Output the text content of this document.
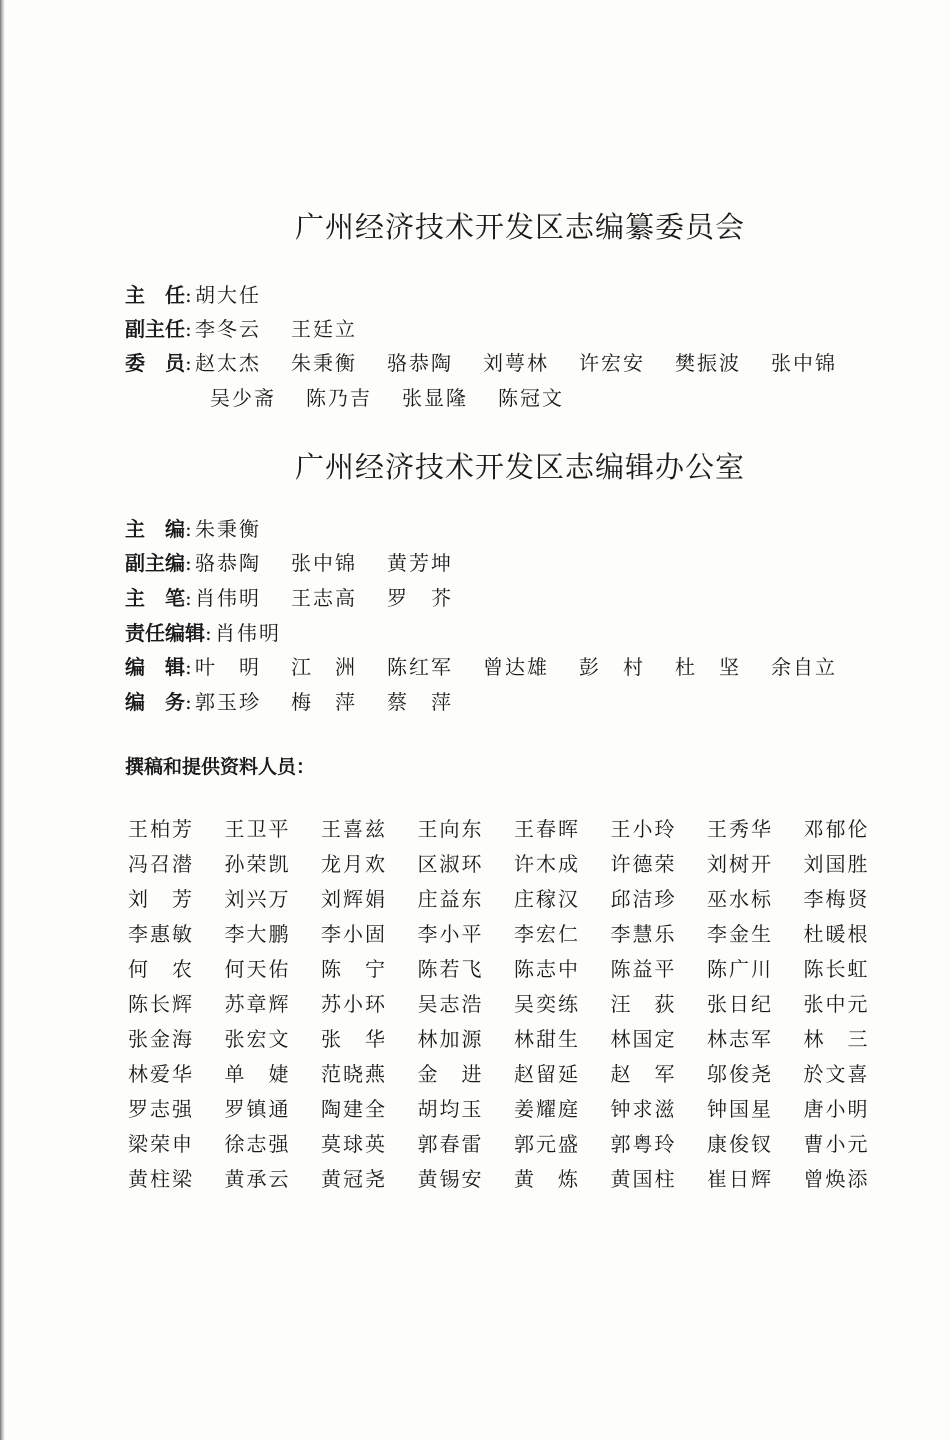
广州经济技术开发区志编纂委员会
主　任: 胡大任
副主任: 李冬云 王廷立
委　员: 赵太杰 朱秉衡 骆恭陶 刘萼林 许宏安 樊振波 张中锦
吴少斋 陈乃吉 张显隆 陈冠文
广州经济技术开发区志编辑办公室
主　编: 朱秉衡
副主编: 骆恭陶 张中锦 黄芳坤
主　笔: 肖伟明 王志高 罗　芥
责任编辑: 肖伟明
编　辑: 叶　明 江　洲 陈红军 曾达雄 彭　村 杜　坚 余自立
编　务: 郭玉珍 梅　萍 蔡　萍
撰稿和提供资料人员：
王柏芳 王卫平 王喜兹 王向东 王春晖 王小玲 王秀华 邓郁伦
冯召潜 孙荣凯 龙月欢 区淑环 许木成 许德荣 刘树开 刘国胜
刘　芳 刘兴万 刘辉娟 庄益东 庄稼汉 邱洁珍 巫水标 李梅贤
李惠敏 李大鹏 李小固 李小平 李宏仁 李慧乐 李金生 杜暖根
何　农 何天佑 陈　宁 陈若飞 陈志中 陈益平 陈广川 陈长虹
陈长辉 苏章辉 苏小环 吴志浩 吴奕练 汪　荻 张日纪 张中元
张金海 张宏文 张　华 林加源 林甜生 林国定 林志军 林　三
林爱华 单　婕 范晓燕 金　进 赵留延 赵　军 邬俊尧 於文喜
罗志强 罗镇通 陶建全 胡均玉 姜耀庭 钟求滋 钟国星 唐小明
梁荣申 徐志强 莫球英 郭春雷 郭元盛 郭粤玲 康俊钗 曹小元
黄柱梁 黄承云 黄冠尧 黄锡安 黄　炼 黄国柱 崔日辉 曾焕添
